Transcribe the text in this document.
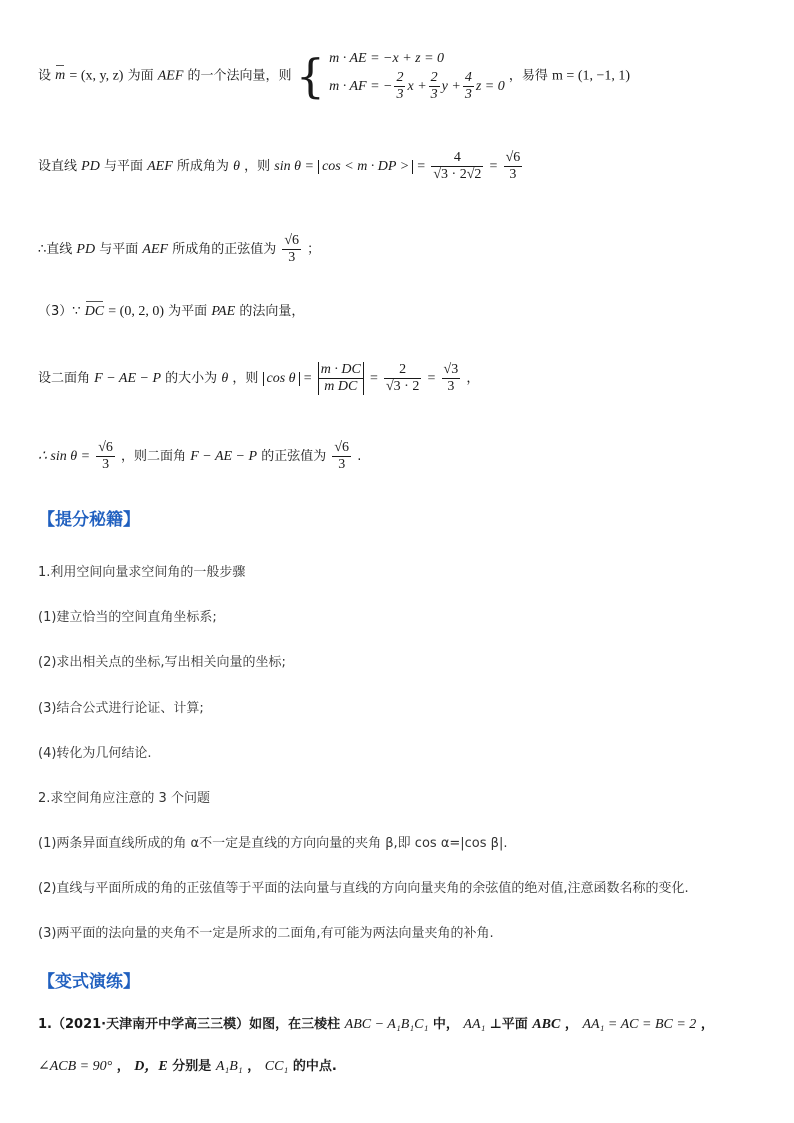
设 m = (x, y, z) 为面 AEF 的一个法向量，则 { m · AE = −x + z = 0
m · AF = − $\frac{2}{3}$ $x + \frac{2}{3}$ $y + \frac{4}{3}$ z = 0
，易得 m = (1, −1, 1)
设直线 PD 与平面 AEF 所成角为 θ ，则 sin θ = cos < m · DP > = $\frac{4}{√3 \cdot 2√2} = \frac{√6}{3}$
∴直线 PD 与平面 AEF 所成角的正弦值为 $\frac{√6}{3}$ ；
（3）∵ DC = (0, 2, 0) 为平面 PAE 的法向量，
设二面角 F − AE − P 的大小为 θ ，则 $\cos \theta = \frac{m \cdot DC}{\text{m DC}} = \frac{2}{√3 \cdot 2} = \frac{√3}{3}$ ，
∴ $\sin \theta = \frac{√6}{3}$ ，则二面角 F − AE − P 的正弦值为 $\frac{√6}{3}$ .
【提分秘籍】
1.利用空间向量求空间角的一般步骤
(1)建立恰当的空间直角坐标系;
(2)求出相关点的坐标,写出相关向量的坐标;
(3)结合公式进行论证、计算;
(4)转化为几何结论.
2.求空间角应注意的 3 个问题
(1)两条异面直线所成的角 α不一定是直线的方向向量的夹角 β,即 cos α=|cos β|.
(2)直线与平面所成的角的正弦值等于平面的法向量与直线的方向向量夹角的余弦值的绝对值,注意函数名称的变化.
(3)两平面的法向量的夹角不一定是所求的二面角,有可能为两法向量夹角的补角.
【变式演练】
1.（2021·天津南开中学高三三模）如图，在三棱柱 ABC − A₁B₁C₁ 中， AA₁ ⊥平面 ABC ， AA₁ = AC = BC = 2 ，
∠ACB = 90° ， D，E 分别是 A₁B₁ ， CC₁ 的中点.
